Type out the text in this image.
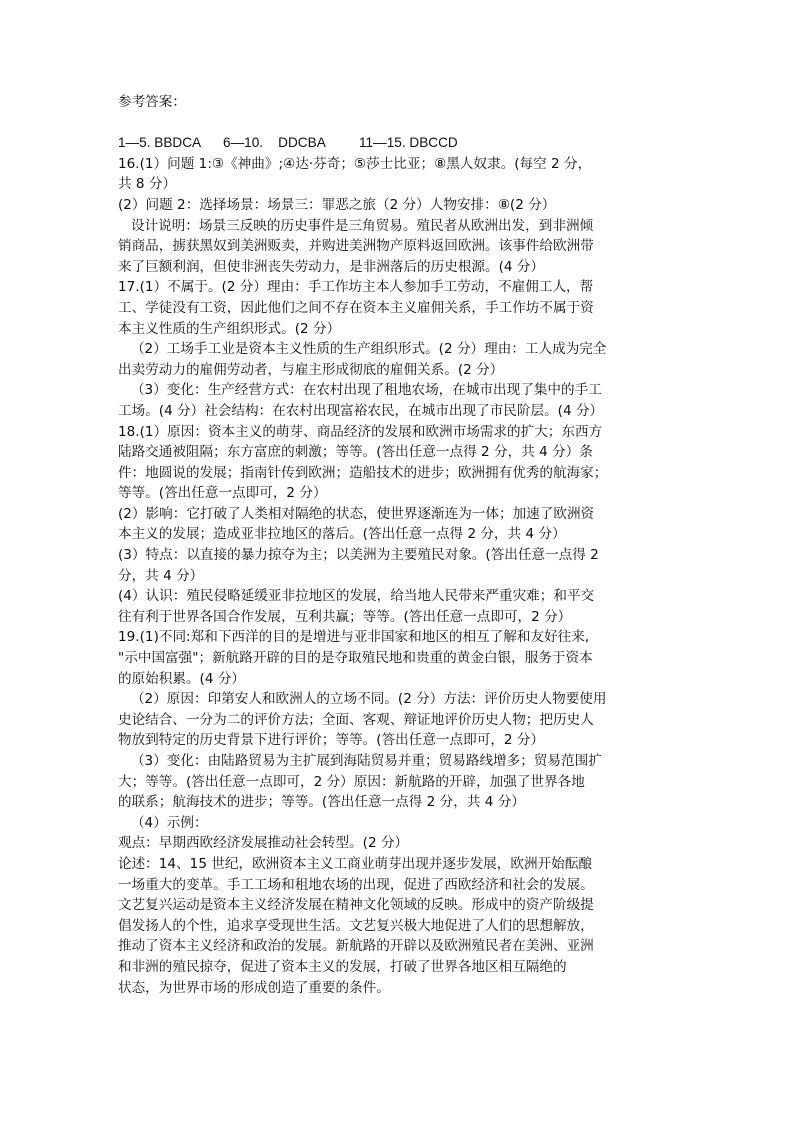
参考答案：
1—5. BBDCA      6—10.    DDCBA         11—15. DBCCD
16.(1）问题 1:③《神曲》;④达·芬奇；⑤莎士比亚；⑧黑人奴隶。(每空 2 分，
共 8 分）
(2）问题 2：选择场景：场景三：罪恶之旅（2 分）人物安排：⑧(2 分）
设计说明：场景三反映的历史事件是三角贸易。殖民者从欧洲出发，到非洲倾
销商品，掳获黑奴到美洲贩卖，并购进美洲物产原料返回欧洲。该事件给欧洲带
来了巨额利润，但使非洲丧失劳动力，是非洲落后的历史根源。(4 分）
17.(1）不属于。(2 分）理由：手工作坊主本人参加手工劳动，不雇佣工人，帮
工、学徒没有工资，因此他们之间不存在资本主义雇佣关系，手工作坊不属于资
本主义性质的生产组织形式。(2 分）
（2）工场手工业是资本主义性质的生产组织形式。(2 分）理由：工人成为完全
出卖劳动力的雇佣劳动者，与雇主形成彻底的雇佣关系。(2 分）
（3）变化：生产经营方式：在农村出现了租地农场，在城市出现了集中的手工
工场。(4 分）社会结构：在农村出现富裕农民，在城市出现了市民阶层。(4 分）
18.(1）原因：资本主义的萌芽、商品经济的发展和欧洲市场需求的扩大；东西方
陆路交通被阻隔；东方富庶的刺激；等等。(答出任意一点得 2 分，共 4 分）条
件：地圆说的发展；指南针传到欧洲；造船技术的进步；欧洲拥有优秀的航海家；
等等。(答出任意一点即可，2 分）
(2）影响：它打破了人类相对隔绝的状态，使世界逐渐连为一体；加速了欧洲资
本主义的发展；造成亚非拉地区的落后。(答出任意一点得 2 分，共 4 分）
(3）特点：以直接的暴力掠夺为主；以美洲为主要殖民对象。(答出任意一点得 2
分，共 4 分）
(4）认识：殖民侵略延缓亚非拉地区的发展，给当地人民带来严重灾难；和平交
往有利于世界各国合作发展，互利共赢；等等。(答出任意一点即可，2 分）
19.(1)不同:郑和下西洋的目的是增进与亚非国家和地区的相互了解和友好往来,
"示中国富强"；新航路开辟的目的是夺取殖民地和贵重的黄金白银，服务于资本
的原始积累。(4 分）
（2）原因：印第安人和欧洲人的立场不同。(2 分）方法：评价历史人物要使用
史论结合、一分为二的评价方法；全面、客观、辩证地评价历史人物；把历史人
物放到特定的历史背景下进行评价；等等。(答出任意一点即可，2 分）
（3）变化：由陆路贸易为主扩展到海陆贸易并重；贸易路线增多；贸易范围扩
大；等等。(答出任意一点即可，2 分）原因：新航路的开辟，加强了世界各地
的联系；航海技术的进步；等等。(答出任意一点得 2 分，共 4 分）
（4）示例：
观点：早期西欧经济发展推动社会转型。(2 分）
论述：14、15 世纪，欧洲资本主义工商业萌芽出现并逐步发展，欧洲开始酝酿
一场重大的变革。手工工场和租地农场的出现，促进了西欧经济和社会的发展。
文艺复兴运动是资本主义经济发展在精神文化领域的反映。形成中的资产阶级提
倡发扬人的个性，追求享受现世生活。文艺复兴极大地促进了人们的思想解放，
推动了资本主义经济和政治的发展。新航路的开辟以及欧洲殖民者在美洲、亚洲
和非洲的殖民掠夺，促进了资本主义的发展，打破了世界各地区相互隔绝的
状态，为世界市场的形成创造了重要的条件。
